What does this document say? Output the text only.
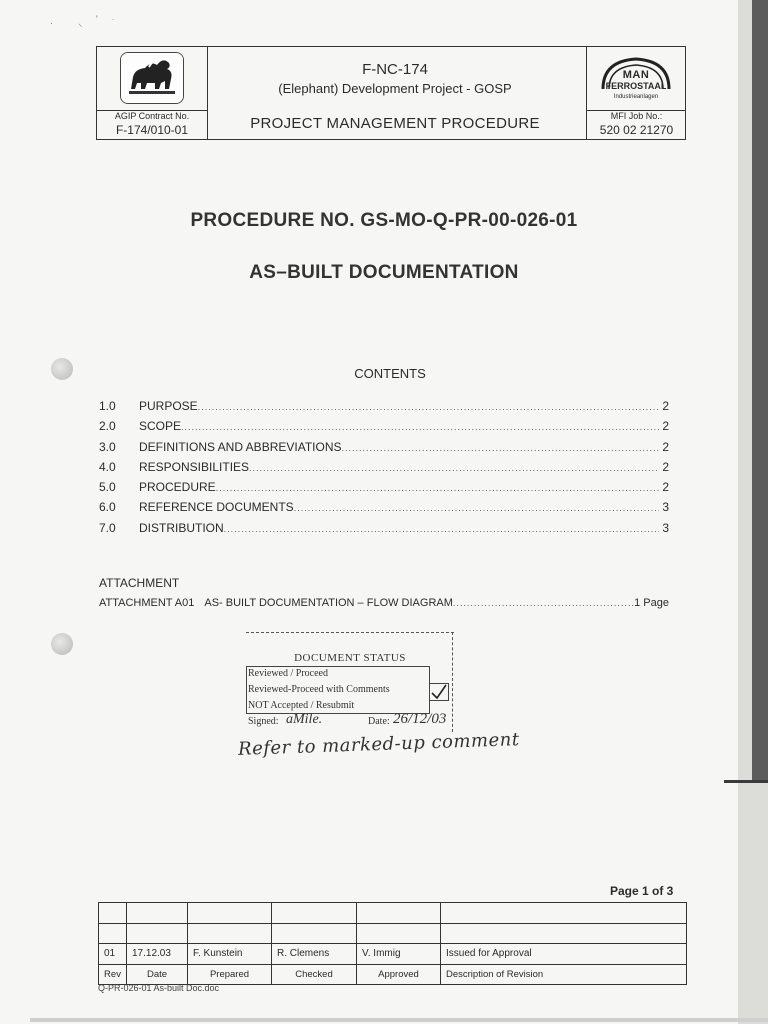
·	⸌
' ˙
F-NC-174
(Elephant) Development Project - GOSP
PROJECT MANAGEMENT PROCEDURE
AGIP Contract No.
F-174/010-01
MAN
FERROSTAAL
Industrieanlagen
MFI Job No.:
520 02 21270
PROCEDURE NO. GS-MO-Q-PR-00-026-01
AS–BUILT DOCUMENTATION
CONTENTS
1.0	PURPOSE .....	2
2.0	SCOPE .....	2
3.0	DEFINITIONS AND ABBREVIATIONS .....	2
4.0	RESPONSIBILITIES .....	2
5.0	PROCEDURE .....	2
6.0	REFERENCE DOCUMENTS .....	3
7.0	DISTRIBUTION .....	3
ATTACHMENT
ATTACHMENT A01 AS- BUILT DOCUMENTATION – FLOW DIAGRAM .....	1 Page
DOCUMENT STATUS
Reviewed / Proceed
Reviewed-Proceed with Comments
NOT Accepted / Resubmit
Signed: aMile.	Date: 26/12/03
Refer to marked-up comment
Page 1 of 3

01	17.12.03	F. Kunstein	R. Clemens	V. Immig	Issued for Approval
Rev	Date	Prepared	Checked	Approved	Description of Revision
Q-PR-026-01 As-built Doc.doc
